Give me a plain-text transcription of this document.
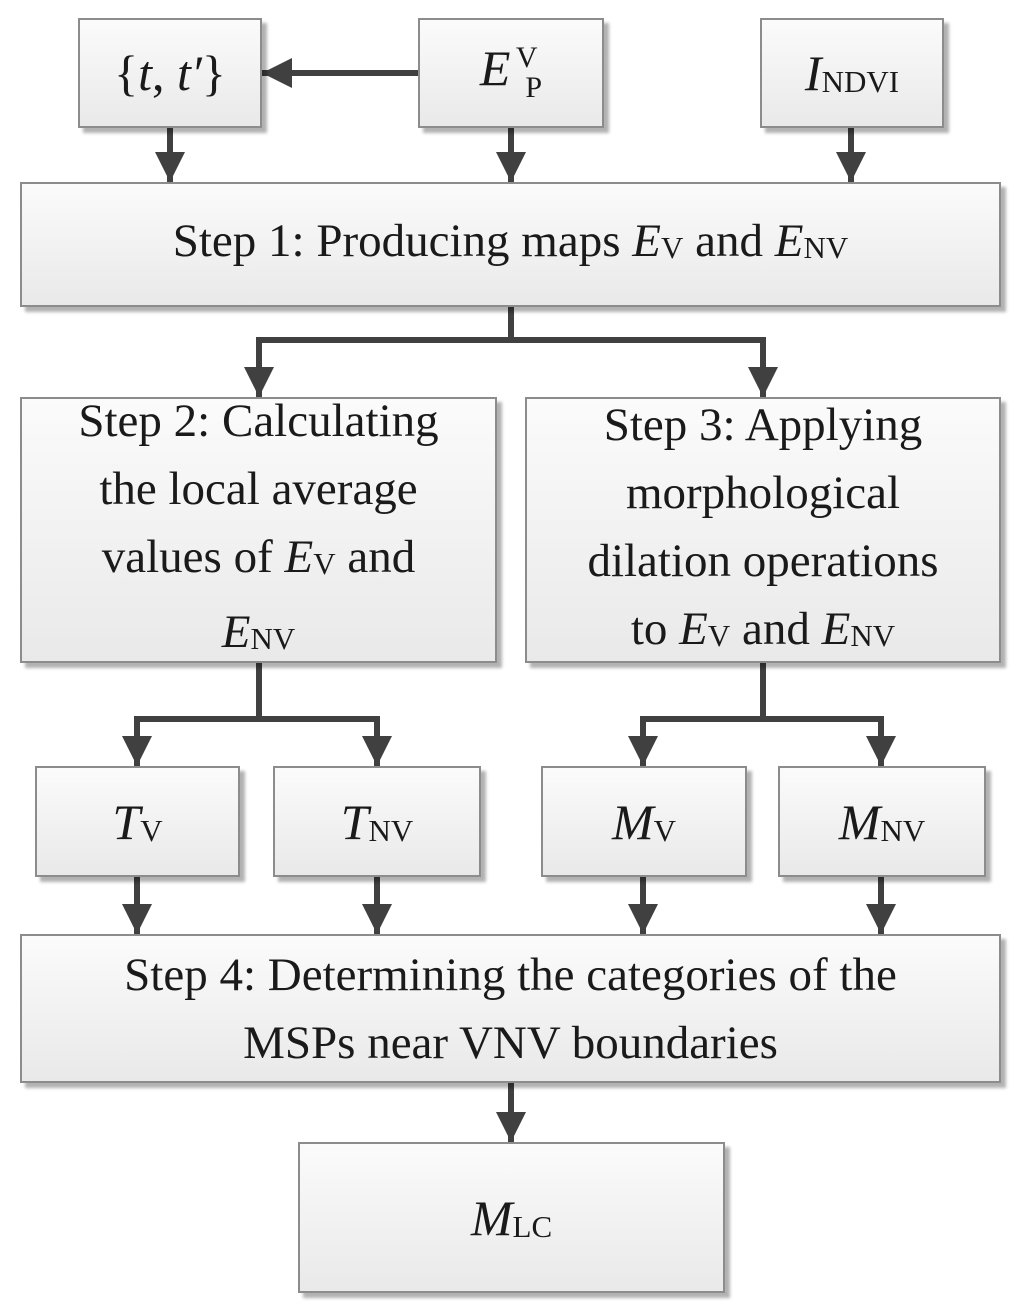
{t, t′}	E V
P	$I_{NDVI}$
Step 1: Producing maps $E_V$ and $E_{NV}$
Step 2: Calculating
the local average
values of $E_V$ and
$E_{NV}$
Step 3: Applying
morphological
dilation operations
to $E_V$ and $E_{NV}$
$T_V$	$T_{NV}$	$M_V$	$M_{NV}$
Step 4: Determining the categories of the
MSPs near VNV boundaries
$M_{LC}$
